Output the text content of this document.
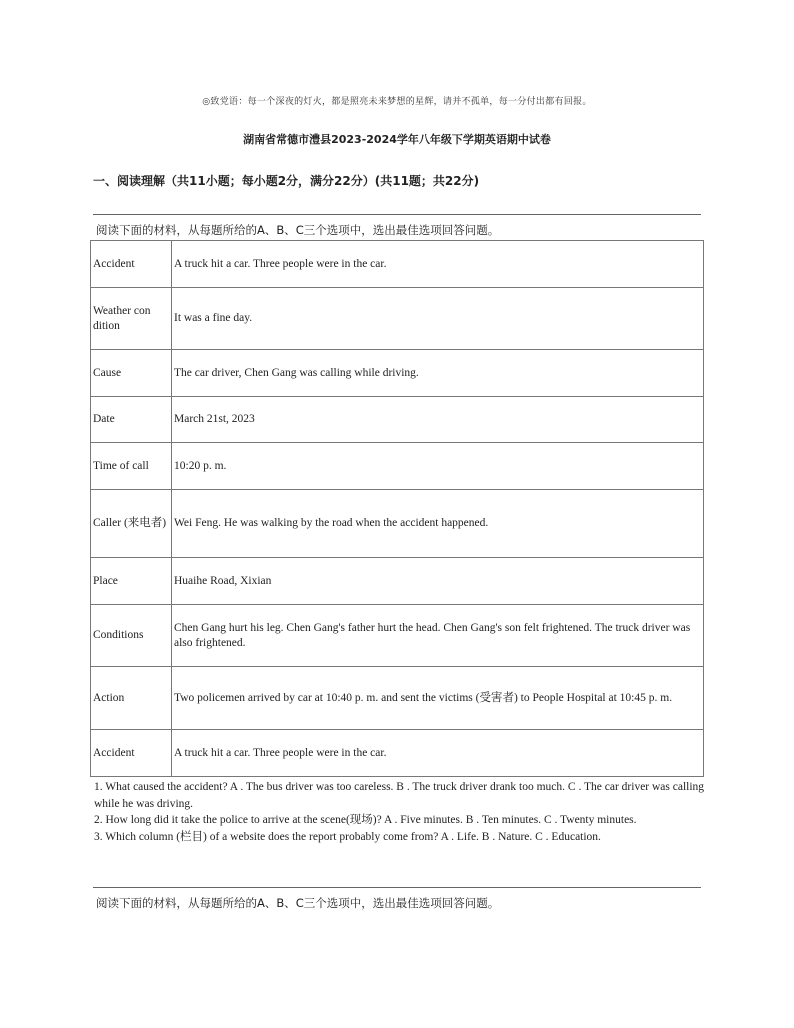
◎致党语：每一个深夜的灯火，都是照亮未来梦想的星辉，请并不孤单，每一分付出都有回报。
湖南省常德市澧县2023-2024学年八年级下学期英语期中试卷
一、阅读理解（共11小题；每小题2分，满分22分）(共11题；共22分)
阅读下面的材料，从每题所给的A、B、C三个选项中，选出最佳选项回答问题。
Accident	A truck hit a car. Three people were in the car.
Weather con dition	It was a fine day.
Cause	The car driver, Chen Gang was calling while driving.
Date	March 21st, 2023
Time of call	10:20 p. m.
Caller (来电者)	Wei Feng. He was walking by the road when the accident happened.
Place	Huaihe Road, Xixian
Conditions	Chen Gang hurt his leg. Chen Gang's father hurt the head. Chen Gang's son felt frightened. The truck driver was also frightened.
Action	Two policemen arrived by car at 10:40 p. m. and sent the victims (受害者) to People Hospital at 10:45 p. m.
Accident	A truck hit a car. Three people were in the car.

1. What caused the accident? A . The bus driver was too careless. B . The truck driver drank too much. C . The car driver was calling while he was driving.

2. How long did it take the police to arrive at the scene(现场)? A . Five minutes. B . Ten minutes. C . Twenty minutes.

3. Which column (栏目) of a website does the report probably come from? A . Life. B . Nature. C . Education.

阅读下面的材料，从每题所给的A、B、C三个选项中，选出最佳选项回答问题。
